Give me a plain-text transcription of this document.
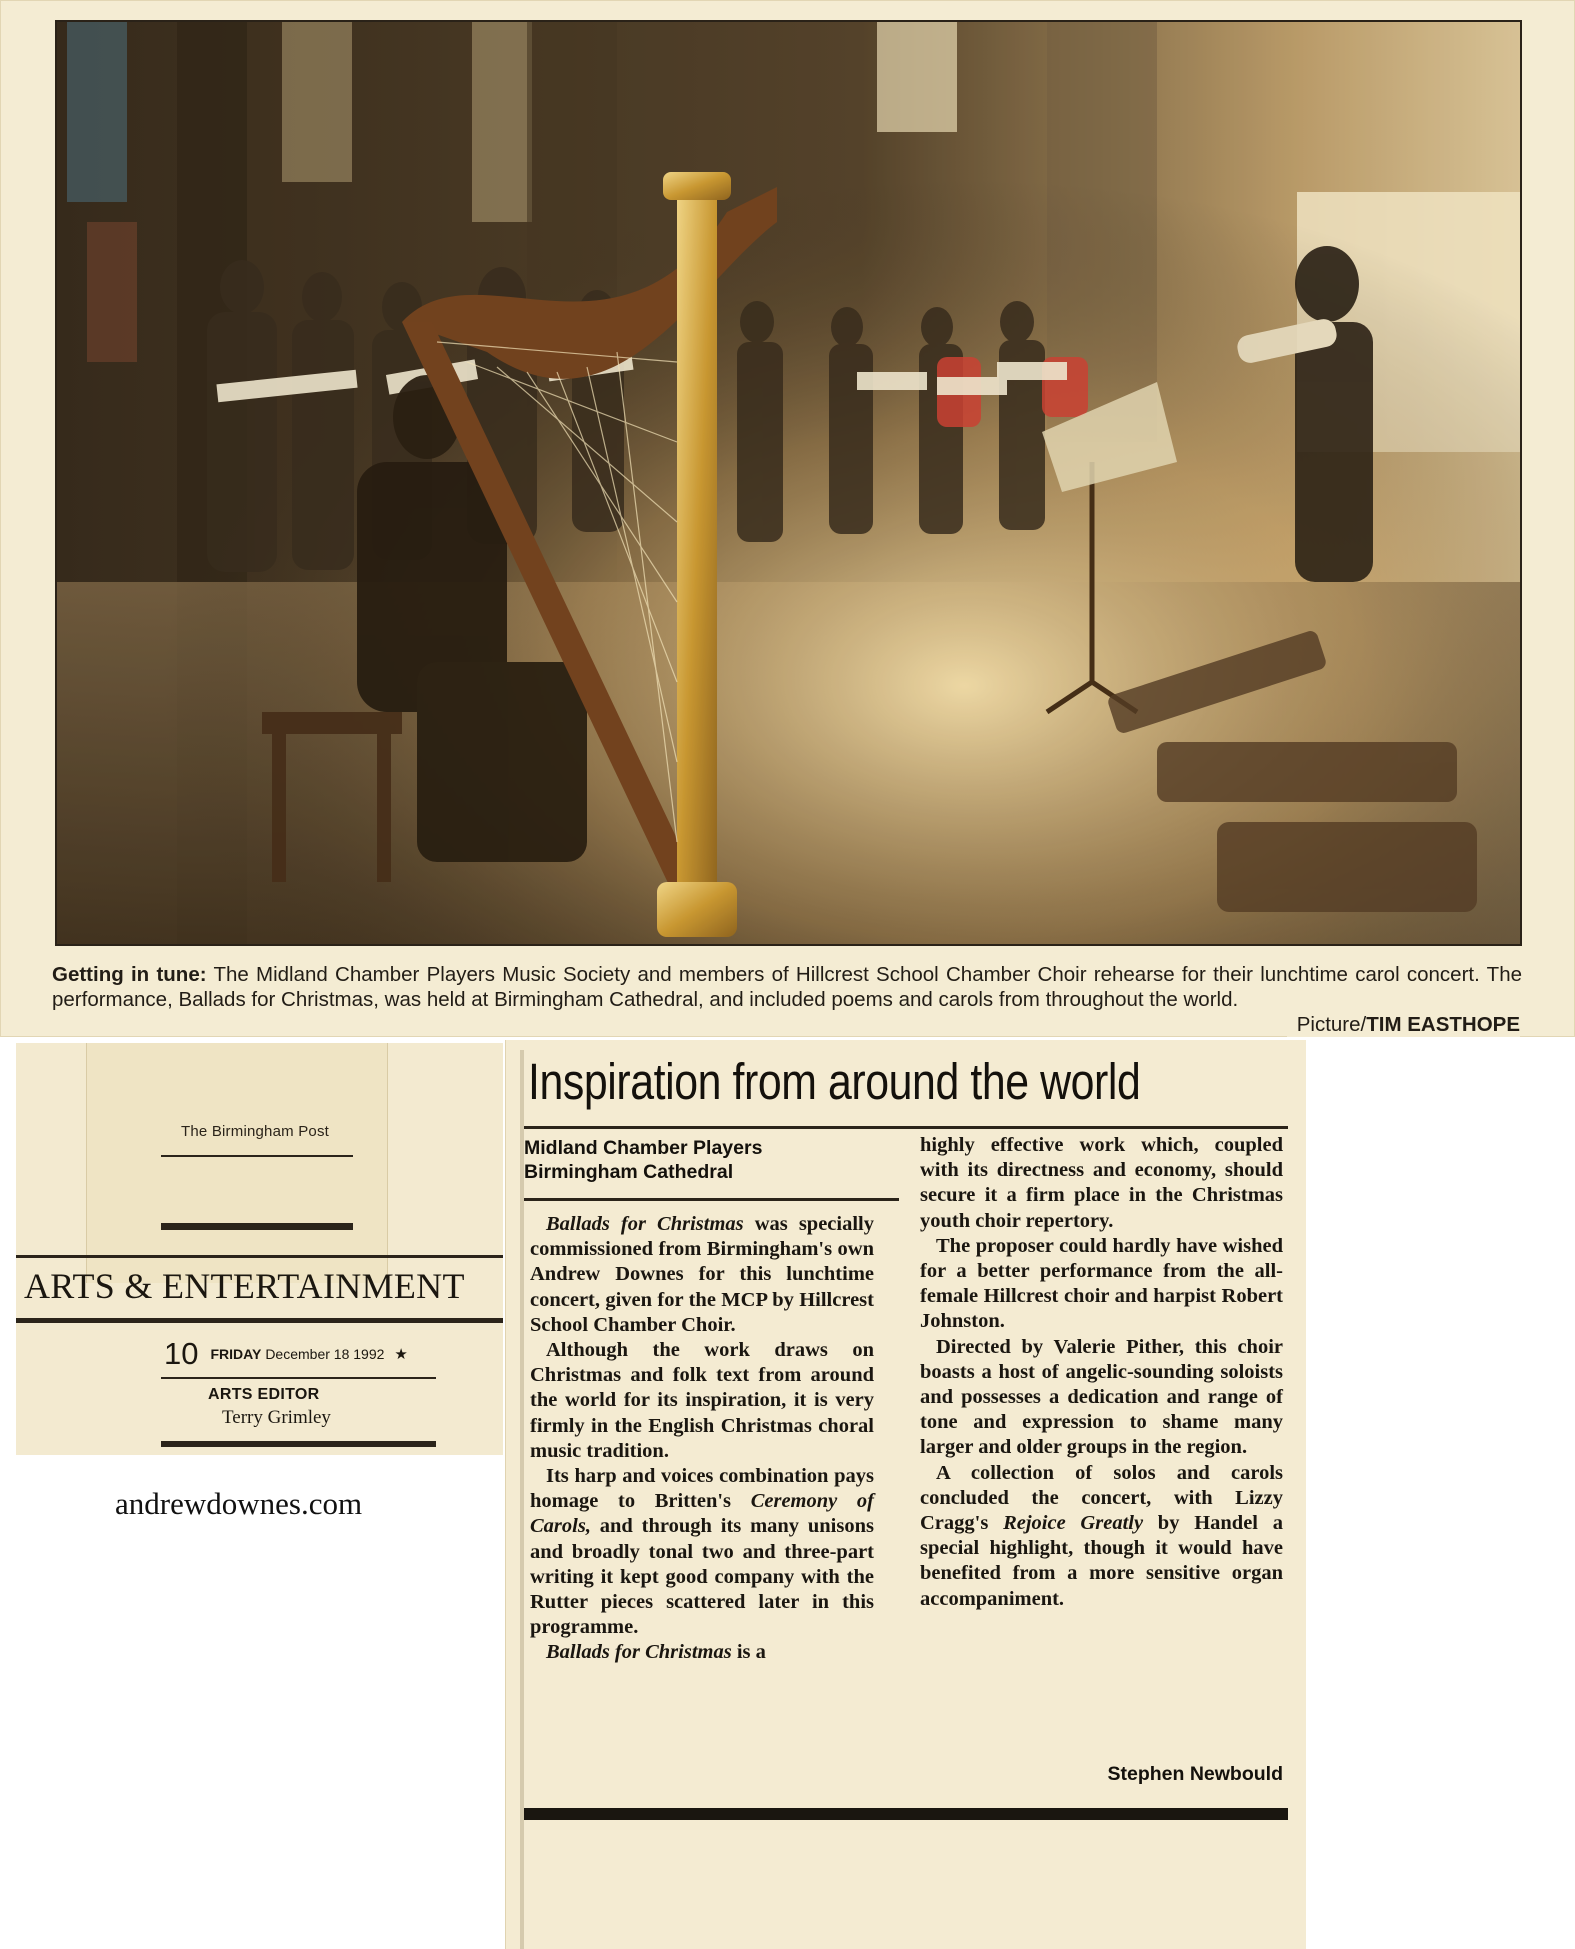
Getting in tune: The Midland Chamber Players Music Society and members of Hillcrest School Chamber Choir rehearse for their lunchtime carol concert. The performance, Ballads for Christmas, was held at Birmingham Cathedral, and included poems and carols from throughout the world.
Picture/TIM EASTHOPE
The Birmingham Post
ARTS & ENTERTAINMENT
10 FRIDAY December 18 1992 ★
ARTS EDITOR
Terry Grimley
andrewdownes.com
Inspiration from around the world
Midland Chamber Players
Birmingham Cathedral

Ballads for Christmas was specially commissioned from Birmingham's own Andrew Downes for this lunchtime concert, given for the MCP by Hillcrest School Chamber Choir.

Although the work draws on Christmas and folk text from around the world for its inspiration, it is very firmly in the English Christmas choral music tradition.

Its harp and voices combination pays homage to Britten's Ceremony of Carols, and through its many unisons and broadly tonal two and three-part writing it kept good company with the Rutter pieces scattered later in this programme.

Ballads for Christmas is a

highly effective work which, coupled with its directness and economy, should secure it a firm place in the Christmas youth choir repertory.

The proposer could hardly have wished for a better performance from the all-female Hillcrest choir and harpist Robert Johnston.

Directed by Valerie Pither, this choir boasts a host of angelic-sounding soloists and possesses a dedication and range of tone and expression to shame many larger and older groups in the region.

A collection of solos and carols concluded the concert, with Lizzy Cragg's Rejoice Greatly by Handel a special highlight, though it would have benefited from a more sensitive organ accompaniment.

Stephen Newbould
